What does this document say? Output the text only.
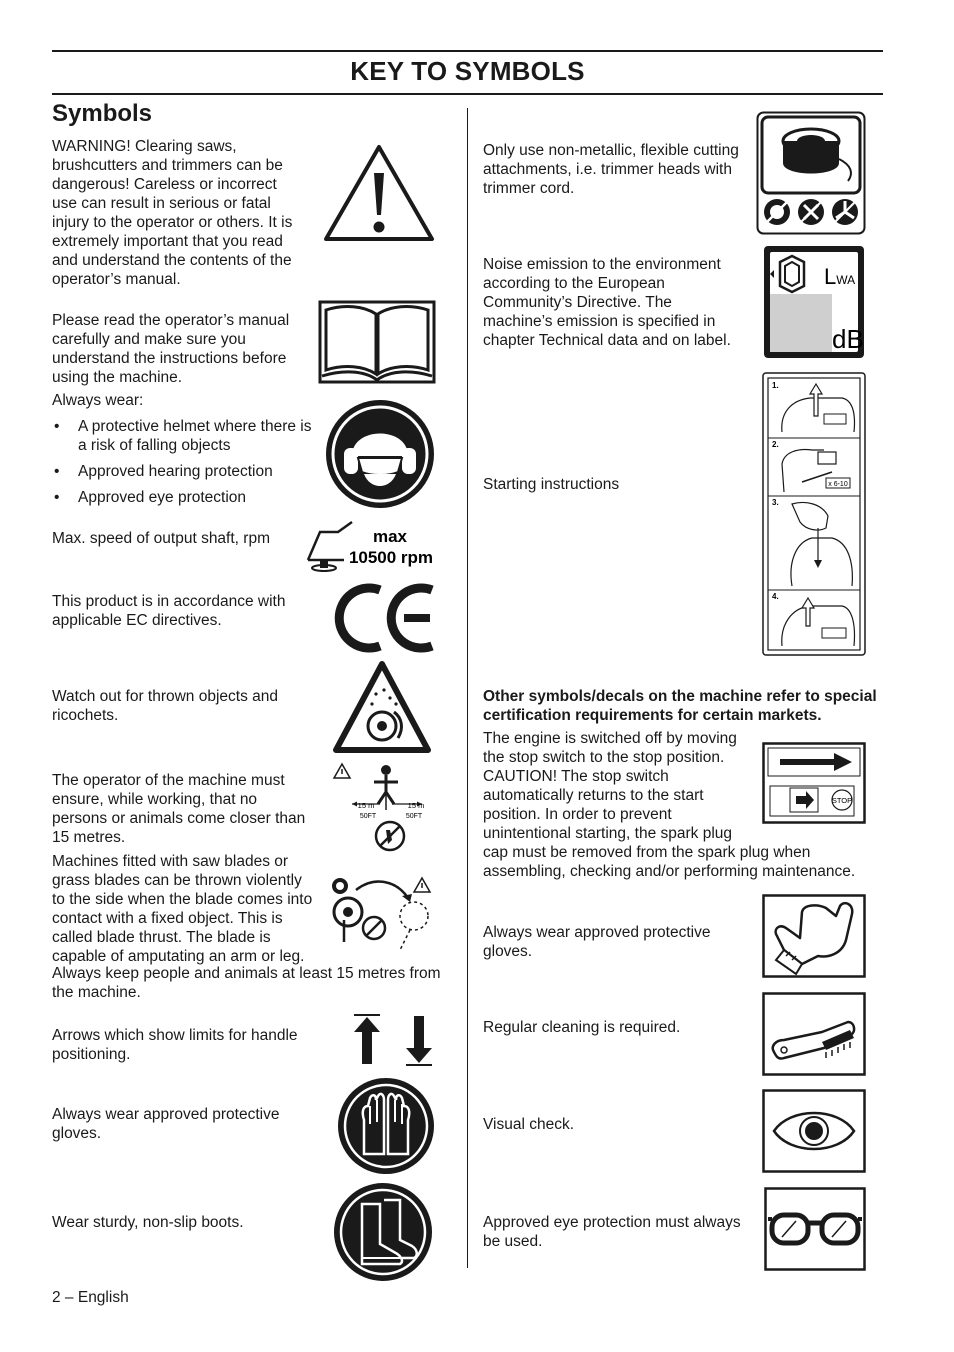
KEY TO SYMBOLS
Symbols

WARNING! Clearing saws, brushcutters and trimmers can be dangerous! Careless or incorrect use can result in serious or fatal injury to the operator or others. It is extremely important that you read and understand the contents of the operator’s manual.

Please read the operator’s manual carefully and make sure you understand the instructions before using the machine.

Always wear:

• A protective helmet where there is a risk of falling objects
• Approved hearing protection
• Approved eye protection

Max. speed of output shaft, rpm	max
10500 rpm

This product is in accordance with applicable EC directives.

Watch out for thrown objects and ricochets.

The operator of the machine must ensure, while working, that no persons or animals come closer than 15 metres.

15 m	15 m
50FT	50FT

Machines fitted with saw blades or grass blades can be thrown violently to the side when the blade comes into contact with a fixed object. This is called blade thrust. The blade is capable of amputating an arm or leg.

Always keep people and animals at least 15 metres from the machine.

Arrows which show limits for handle positioning.

Always wear approved protective gloves.

Wear sturdy, non-slip boots.

Only use non-metallic, flexible cutting attachments, i.e. trimmer heads with trimmer cord.

Noise emission to the environment according to the European Community’s Directive. The machine’s emission is specified in chapter Technical data and on label.

LWA
dB

Starting instructions

1.
2.
3.
4.
x 6-10

Other symbols/decals on the machine refer to special certification requirements for certain markets.

The engine is switched off by moving the stop switch to the stop position. CAUTION! The stop switch automatically returns to the start position. In order to prevent unintentional starting, the spark plug

cap must be removed from the spark plug when assembling, checking and/or performing maintenance.

STOP

Always wear approved protective gloves.

Regular cleaning is required.

Visual check.

Approved eye protection must always be used.

2 – English
